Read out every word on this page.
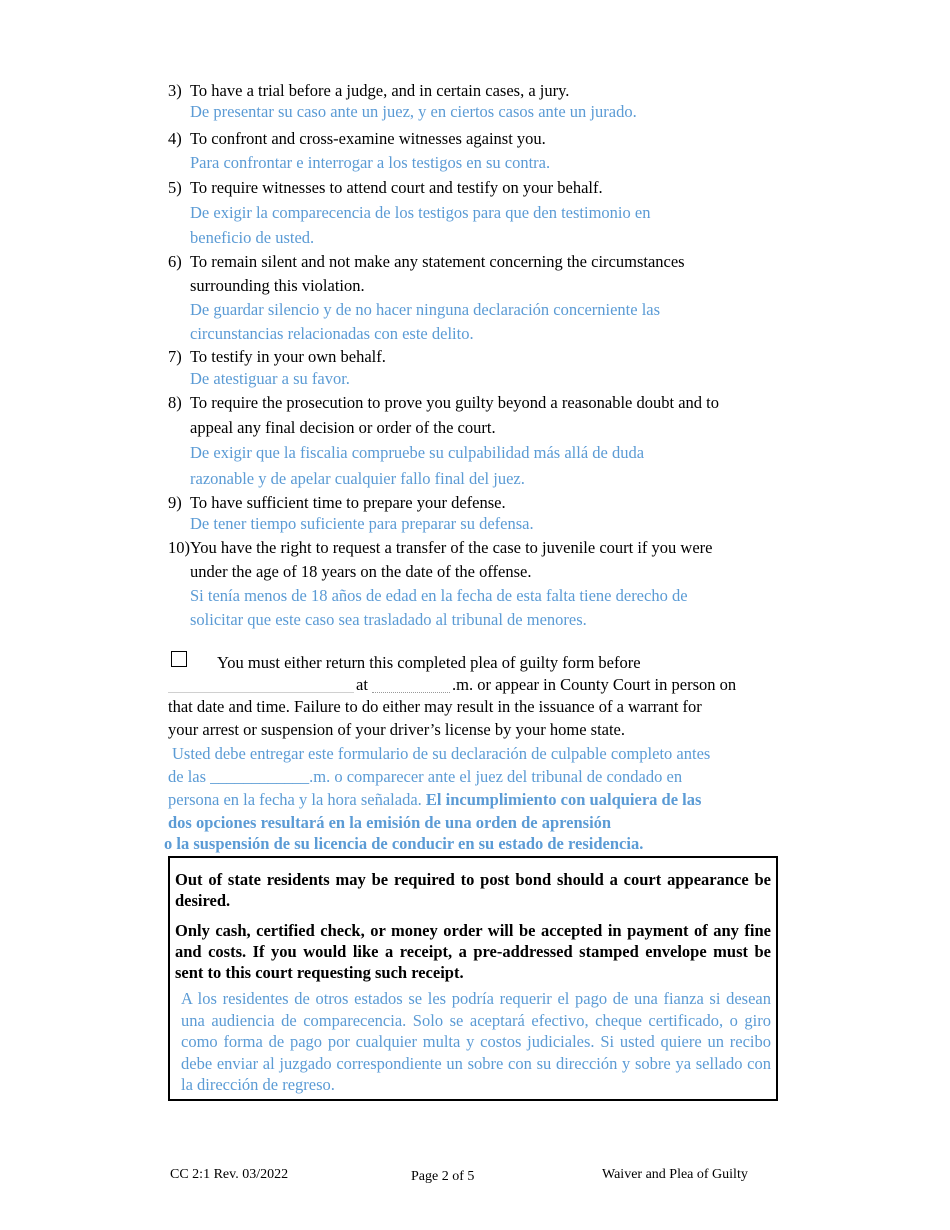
3) To have a trial before a judge, and in certain cases, a jury.
De presentar su caso ante un juez, y en ciertos casos ante un jurado.
4) To confront and cross-examine witnesses against you.
Para confrontar e interrogar a los testigos en su contra.
5) To require witnesses to attend court and testify on your behalf.
De exigir la comparecencia de los testigos para que den testimonio en
beneficio de usted.
6) To remain silent and not make any statement concerning the circumstances
surrounding this violation.
De guardar silencio y de no hacer ninguna declaración concerniente las
circunstancias relacionadas con este delito.
7) To testify in your own behalf.
De atestiguar a su favor.
8) To require the prosecution to prove you guilty beyond a reasonable doubt and to
appeal any final decision or order of the court.
De exigir que la fiscalia compruebe su culpabilidad más allá de duda
razonable y de apelar cualquier fallo final del juez.
9) To have sufficient time to prepare your defense.
De tener tiempo suficiente para preparar su defensa.
10)You have the right to request a transfer of the case to juvenile court if you were
under the age of 18 years on the date of the offense.
Si tenía menos de 18 años de edad en la fecha de esta falta tiene derecho de
solicitar que este caso sea trasladado al tribunal de menores.
You must either return this completed plea of guilty form before
at	.m. or appear in County Court in person on
that date and time. Failure to do either may result in the issuance of a warrant for
your arrest or suspension of your driver’s license by your home state.
Usted debe entregar este formulario de su declaración de culpable completo antes
de las ____________.m. o comparecer ante el juez del tribunal de condado en
persona en la fecha y la hora señalada. El incumplimiento con ualquiera de las
dos opciones resultará en la emisión de una orden de aprensión
o la suspensión de su licencia de conducir en su estado de residencia.
Out of state residents may be required to post bond should a court appearance be desired.
Only cash, certified check, or money order will be accepted in payment of any fine and costs. If you would like a receipt, a pre-addressed stamped envelope must be sent to this court requesting such receipt.
A los residentes de otros estados se les podría requerir el pago de una fianza si desean una audiencia de comparecencia. Solo se aceptará efectivo, cheque certificado, o giro como forma de pago por cualquier multa y costos judiciales. Si usted quiere un recibo debe enviar al juzgado correspondiente un sobre con su dirección y sobre ya sellado con la dirección de regreso.
CC 2:1 Rev. 03/2022	Page 2 of 5	Waiver and Plea of Guilty
